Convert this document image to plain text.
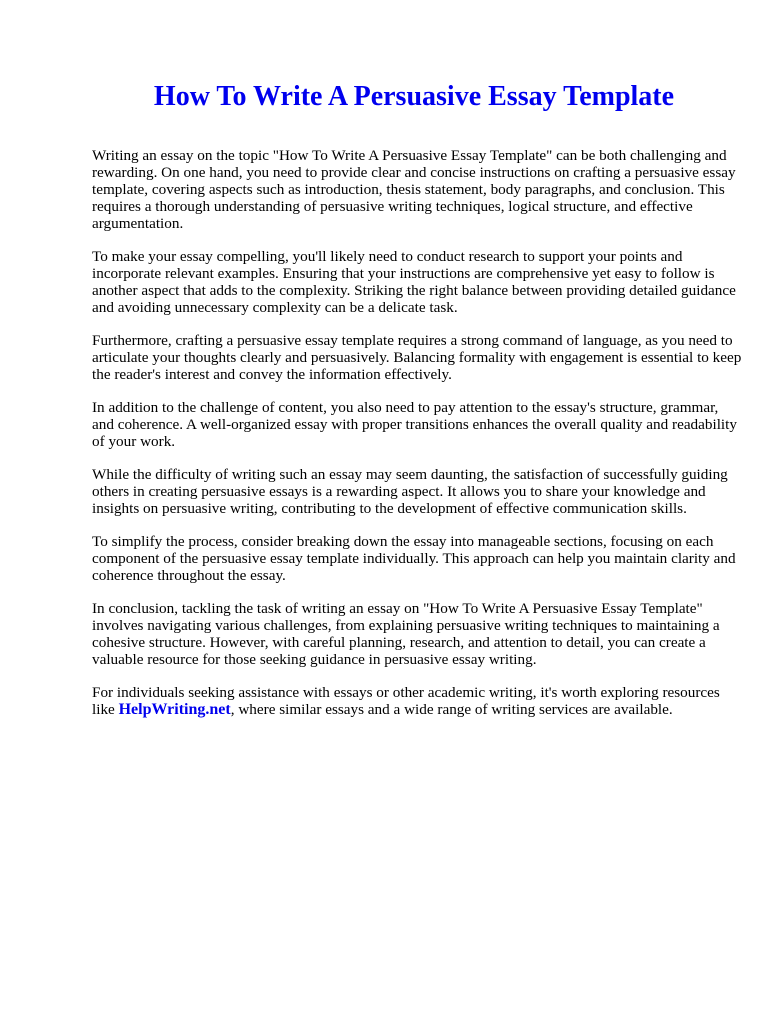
How To Write A Persuasive Essay Template

Writing an essay on the topic "How To Write A Persuasive Essay Template" can be both challenging and rewarding. On one hand, you need to provide clear and concise instructions on crafting a persuasive essay template, covering aspects such as introduction, thesis statement, body paragraphs, and conclusion. This requires a thorough understanding of persuasive writing techniques, logical structure, and effective argumentation.

To make your essay compelling, you'll likely need to conduct research to support your points and incorporate relevant examples. Ensuring that your instructions are comprehensive yet easy to follow is another aspect that adds to the complexity. Striking the right balance between providing detailed guidance and avoiding unnecessary complexity can be a delicate task.

Furthermore, crafting a persuasive essay template requires a strong command of language, as you need to articulate your thoughts clearly and persuasively. Balancing formality with engagement is essential to keep the reader's interest and convey the information effectively.

In addition to the challenge of content, you also need to pay attention to the essay's structure, grammar, and coherence. A well-organized essay with proper transitions enhances the overall quality and readability of your work.

While the difficulty of writing such an essay may seem daunting, the satisfaction of successfully guiding others in creating persuasive essays is a rewarding aspect. It allows you to share your knowledge and insights on persuasive writing, contributing to the development of effective communication skills.

To simplify the process, consider breaking down the essay into manageable sections, focusing on each component of the persuasive essay template individually. This approach can help you maintain clarity and coherence throughout the essay.

In conclusion, tackling the task of writing an essay on "How To Write A Persuasive Essay Template" involves navigating various challenges, from explaining persuasive writing techniques to maintaining a cohesive structure. However, with careful planning, research, and attention to detail, you can create a valuable resource for those seeking guidance in persuasive essay writing.

For individuals seeking assistance with essays or other academic writing, it's worth exploring resources like HelpWriting.net, where similar essays and a wide range of writing services are available.
